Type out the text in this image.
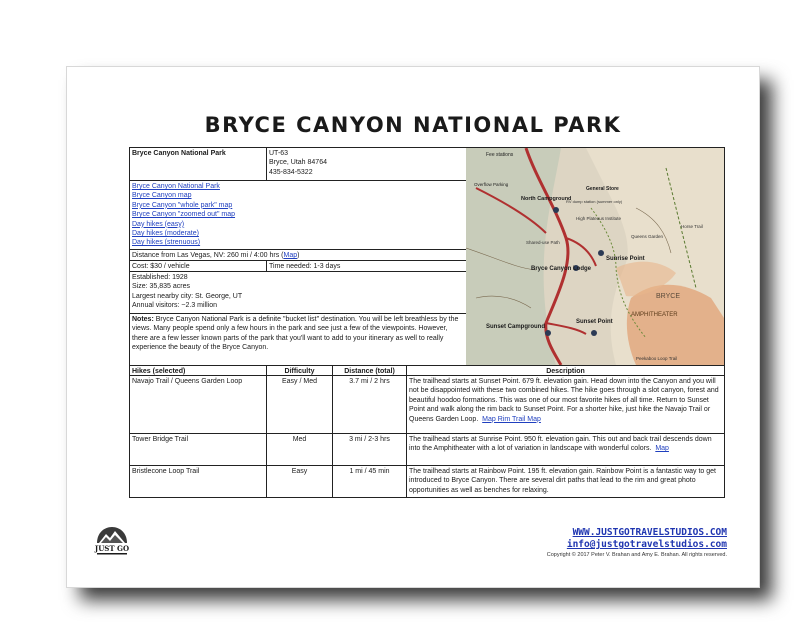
BRYCE CANYON NATIONAL PARK
Bryce Canyon National Park	UT-63
Bryce, Utah 84764
435-834-5322
Bryce Canyon National Park
Bryce Canyon map
Bryce Canyon "whole park" map
Bryce Canyon "zoomed out" map
Day hikes (easy)
Day hikes (moderate)
Day hikes (strenuous)
Distance from Las Vegas, NV: 260 mi / 4:00 hrs (Map)
Cost: $30 / vehicle	Time needed: 1-3 days
Established: 1928
Size: 35,835 acres
Largest nearby city: St. George, UT
Annual visitors: ~2.3 million
Notes: Bryce Canyon National Park is a definite "bucket list" destination. You will be left breathless by the views. Many people spend only a few hours in the park and see just a few of the viewpoints. However, there are a few lesser known parts of the park that you'll want to add to your itinerary as well to really experience the beauty of the Bryce Canyon.
Fee stations
Overflow Parking
North Campground
General Store
RV dump station (summer only)
High Plateaus Institute
Shared-use Path
Bryce Canyon Lodge
Sunrise Point
Sunset Campground
Sunset Point
AMPHITHEATER
BRYCE
Queens Garden
Horse Trail
Peekaboo Loop Trail
Hikes (selected)	Difficulty	Distance (total)	Description
Navajo Trail / Queens Garden Loop	Easy / Med	3.7 mi / 2 hrs	The trailhead starts at Sunset Point. 679 ft. elevation gain. Head down into the Canyon and you will not be disappointed with these two combined hikes. The hike goes through a slot canyon, forest and beautiful hoodoo formations. This was one of our most favorite hikes of all time. Return to Sunset Point and walk along the rim back to Sunset Point. For a shorter hike, just hike the Navajo Trail or Queens Garden Loop. Map Rim Trail Map
Tower Bridge Trail	Med	3 mi / 2-3 hrs	The trailhead starts at Sunrise Point. 950 ft. elevation gain. This out and back trail descends down into the Amphitheater with a lot of variation in landscape with wonderful colors. Map
Bristlecone Loop Trail	Easy	1 mi / 45 min	The trailhead starts at Rainbow Point. 195 ft. elevation gain. Rainbow Point is a fantastic way to get introduced to Bryce Canyon. There are several dirt paths that lead to the rim and great photo opportunities as well as benches for relaxing.
JUST GO
WWW.JUSTGOTRAVELSTUDIOS.COM
info@justgotravelstudios.com
Copyright © 2017 Peter V. Brahan and Amy E. Brahan. All rights reserved.
